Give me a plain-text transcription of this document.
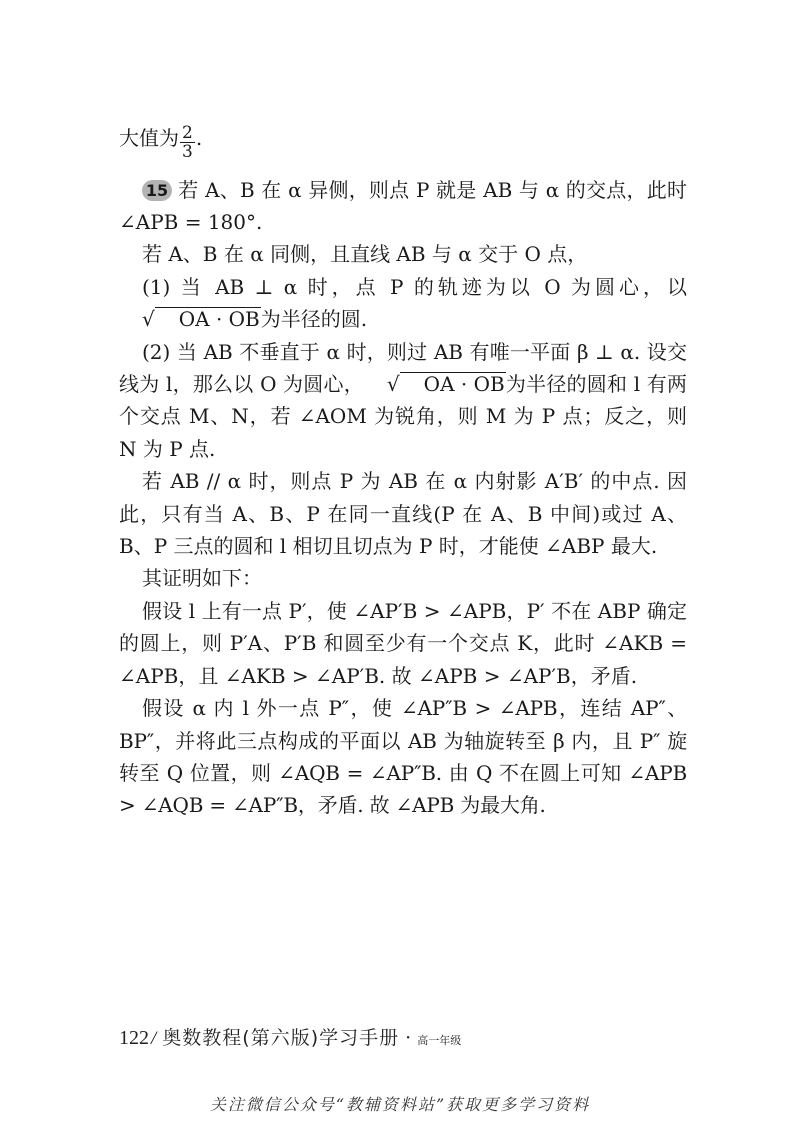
大值为 $\frac{2}{3}$ .

15 若 A、B 在 α 异侧，则点 P 就是 AB 与 α 的交点，此时 ∠APB = 180°.

若 A、B 在 α 同侧，且直线 AB 与 α 交于 O 点，

(1) 当 AB ⊥ α 时，点 P 的轨迹为以 O 为圆心，以√ OA · OB为半径的圆.

(2) 当 AB 不垂直于 α 时，则过 AB 有唯一平面 β ⊥ α. 设交线为 l，那么以 O 为圆心， √ OA · OB为半径的圆和 l 有两个交点 M、N，若 ∠AOM 为锐角，则 M 为 P 点；反之，则 N 为 P 点.

若 AB // α 时，则点 P 为 AB 在 α 内射影 A′B′ 的中点. 因此，只有当 A、B、P 在同一直线(P 在 A、B 中间)或过 A、B、P 三点的圆和 l 相切且切点为 P 时，才能使 ∠ABP 最大.

其证明如下：

假设 l 上有一点 P′，使 ∠AP′B > ∠APB，P′ 不在 ABP 确定的圆上，则 P′A、P′B 和圆至少有一个交点 K，此时 ∠AKB = ∠APB，且 ∠AKB > ∠AP′B. 故 ∠APB > ∠AP′B，矛盾.

假设 α 内 l 外一点 P″，使 ∠AP″B > ∠APB，连结 AP″、BP″，并将此三点构成的平面以 AB 为轴旋转至 β 内，且 P″ 旋转至 Q 位置，则 ∠AQB = ∠AP″B. 由 Q 不在圆上可知 ∠APB > ∠AQB = ∠AP″B，矛盾. 故 ∠APB 为最大角.

122 / 奥数教程(第六版)学习手册 · 高一年级
关注微信公众号“教辅资料站”获取更多学习资料
